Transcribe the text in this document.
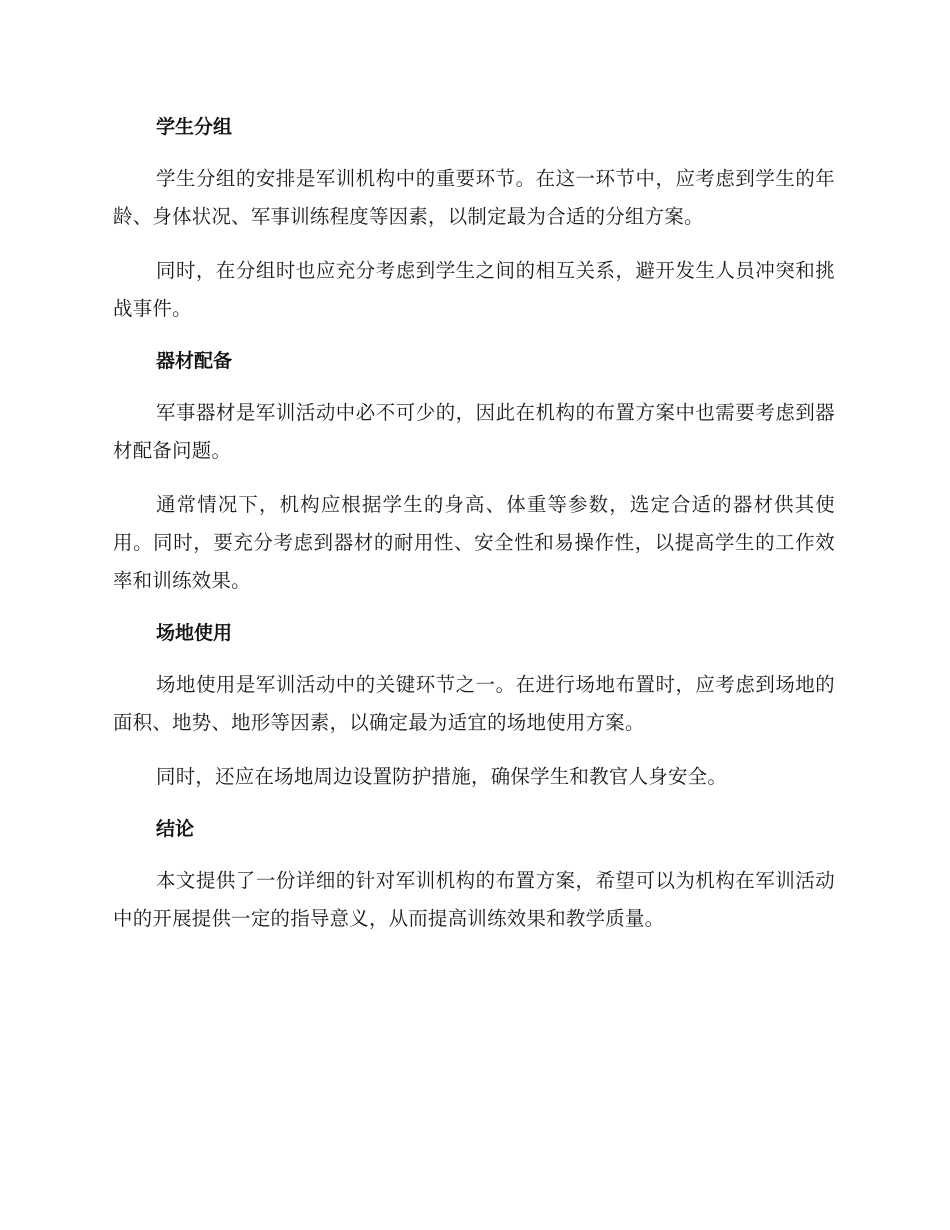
学生分组

学生分组的安排是军训机构中的重要环节。在这一环节中，应考虑到学生的年龄、身体状况、军事训练程度等因素，以制定最为合适的分组方案。

同时，在分组时也应充分考虑到学生之间的相互关系，避开发生人员冲突和挑战事件。

器材配备

军事器材是军训活动中必不可少的，因此在机构的布置方案中也需要考虑到器材配备问题。

通常情况下，机构应根据学生的身高、体重等参数，选定合适的器材供其使用。同时，要充分考虑到器材的耐用性、安全性和易操作性，以提高学生的工作效率和训练效果。

场地使用

场地使用是军训活动中的关键环节之一。在进行场地布置时，应考虑到场地的面积、地势、地形等因素，以确定最为适宜的场地使用方案。

同时，还应在场地周边设置防护措施，确保学生和教官人身安全。

结论

本文提供了一份详细的针对军训机构的布置方案，希望可以为机构在军训活动中的开展提供一定的指导意义，从而提高训练效果和教学质量。
